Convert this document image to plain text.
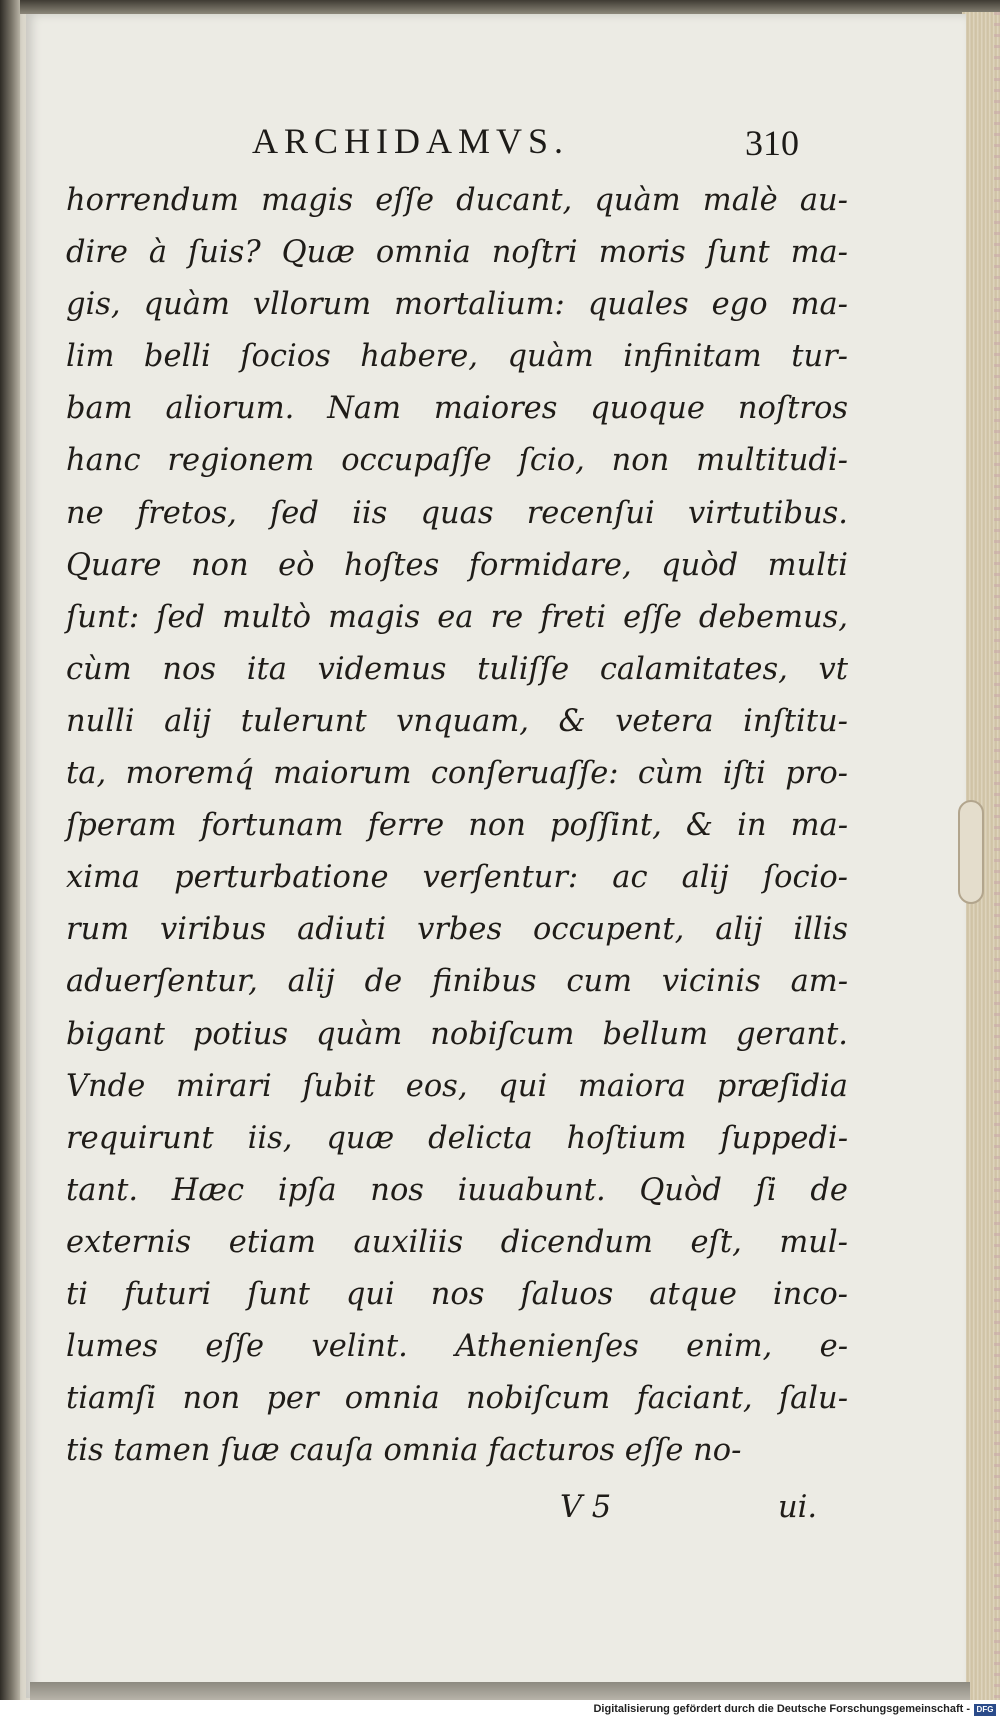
ARCHIDAMVS.	310
horrendum magis eſſe ducant, quàm malè au-
dire à ſuis? Quæ omnia noſtri moris ſunt ma-
gis, quàm vllorum mortalium: quales ego ma-
lim belli ſocios habere, quàm infinitam tur-
bam aliorum. Nam maiores quoque noſtros
hanc regionem occupaſſe ſcio, non multitudi-
ne fretos, ſed iis quas recenſui virtutibus.
Quare non eò hoſtes formidare, quòd multi
ſunt: ſed multò magis ea re freti eſſe debemus,
cùm nos ita videmus tuliſſe calamitates, vt
nulli alij tulerunt vnquam, & vetera inſtitu-
ta, moremq́ maiorum conſeruaſſe: cùm iſti pro-
ſperam fortunam ferre non poſſint, & in ma-
xima perturbatione verſentur: ac alij ſocio-
rum viribus adiuti vrbes occupent, alij illis
aduerſentur, alij de finibus cum vicinis am-
bigant potius quàm nobiſcum bellum gerant.
Vnde mirari ſubit eos, qui maiora præſidia
requirunt iis, quæ delicta hoſtium ſuppedi-
tant. Hæc ipſa nos iuuabunt. Quòd ſi de
externis etiam auxiliis dicendum eſt, mul-
ti futuri ſunt qui nos ſaluos atque inco-
lumes eſſe velint. Athenienſes enim, e-
tiamſi non per omnia nobiſcum faciant, ſalu-
tis tamen ſuæ cauſa omnia facturos eſſe no-
V 5	ui.
Digitalisierung gefördert durch die Deutsche Forschungsgemeinschaft - DFG
